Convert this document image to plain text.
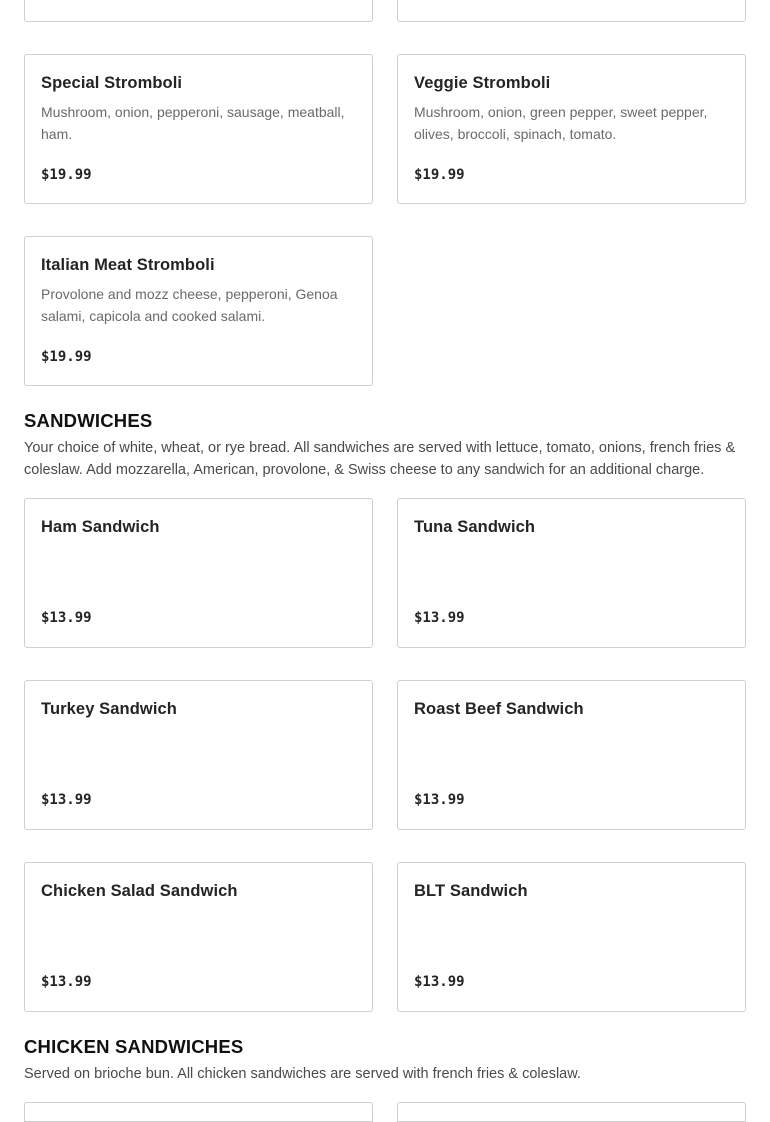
Special Stromboli
Mushroom, onion, pepperoni, sausage, meatball, ham.
$19.99
Veggie Stromboli
Mushroom, onion, green pepper, sweet pepper, olives, broccoli, spinach, tomato.
$19.99
Italian Meat Stromboli
Provolone and mozz cheese, pepperoni, Genoa salami, capicola and cooked salami.
$19.99
SANDWICHES

Your choice of white, wheat, or rye bread. All sandwiches are served with lettuce, tomato, onions, french fries & coleslaw. Add mozzarella, American, provolone, & Swiss cheese to any sandwich for an additional charge.

Ham Sandwich
$13.99
Tuna Sandwich
$13.99
Turkey Sandwich
$13.99
Roast Beef Sandwich
$13.99
Chicken Salad Sandwich
$13.99
BLT Sandwich
$13.99
CHICKEN SANDWICHES

Served on brioche bun. All chicken sandwiches are served with french fries & coleslaw.
